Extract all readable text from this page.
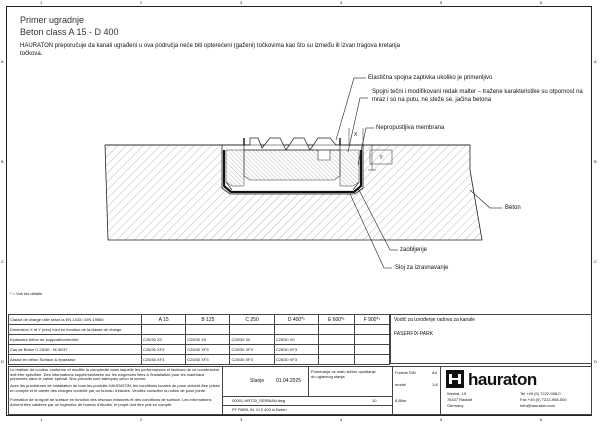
1	2	3	4	5	6
1	2	3	4	5	6
A
B
C
D
A
B
C
D
Primer ugradnje
Beton class A 15 - D 400
HAURATON preporučuje da kanali ugrađeni u ova područja neće biti opterećeni (gaženi) točkovima kao što su između ili izvan tragova kretanja točkova.
Elastična spojna zaptivka ukoliko je primenljivo
Spojni tečni i modifikovani redak malter – tražene karakteristike su otpornost na mraz i so na putu, ne steže se, jačina betona
Nepropustljiva membrana
Beton
zaobljenje
Sloj za izravnavanje
X
y
* = Voir les détails
Classe de charge utile selon la EN 1433 / DIN 19580	A 15	B 125	C 250	D 400*¹	E 600*¹	F 900*¹
Dimension X et Y (mm) mini en fonction de la classe de charge						
Epaisseur béton de supposition/renfort	C25/30 X0	C25/30 X0	C25/30 X0	C25/30 X0		
Cas de Beton C 25/30 : Ni 30/37	C25/30 XF3	C25/30 XF3	C25/30 XF3	C25/30 XF3		
Assise en béton Surface & épaisseur	C25/30 XF3	C25/30 XF3	C25/30 XF3	C25/30 XF3		
Vodič za izvođenje radova za kanale
FASERFIX-PARK
Le réaliser de couleur conforme et modifie la complexité dans laquelle les performances et facteurs de ce constructeur doit être spécifiée. Des informations supplémentaires sur les exigences liées à l'installation pour les matériaux présentés dans le cahier spécial. Nos produits sont fabriqués selon la norme.
Avec les procédures de installation de tous les produits HAURATON, les conditions locales de pose doivent être prises en compte et le cahier des charges contrôlé par un bureau d'études. Veuillez consulter la notice de pose jointe.
Formation de la rigole de surface en fonction des réseaux existants et des conditions de surface. Les informations doivent être validées par un ingénieur de bureau d'études, le projet doit être pris en compte.
Stanje 01.04.2025
Pomeranje uz malu težinu opuštanje do uglavnog stanja
00001-HR720_SERBIAN.dwg	10
FF PARK /N. XI 0 400 in Beton
Format DIN	A4
model	1:8
8,88m
hauraton
Werkst. 19
76437 Rastatt
Germany
Tel +49 (0) 7222-958-0
Fax +49 (0) 7222-958-500
info@hauraton.com
